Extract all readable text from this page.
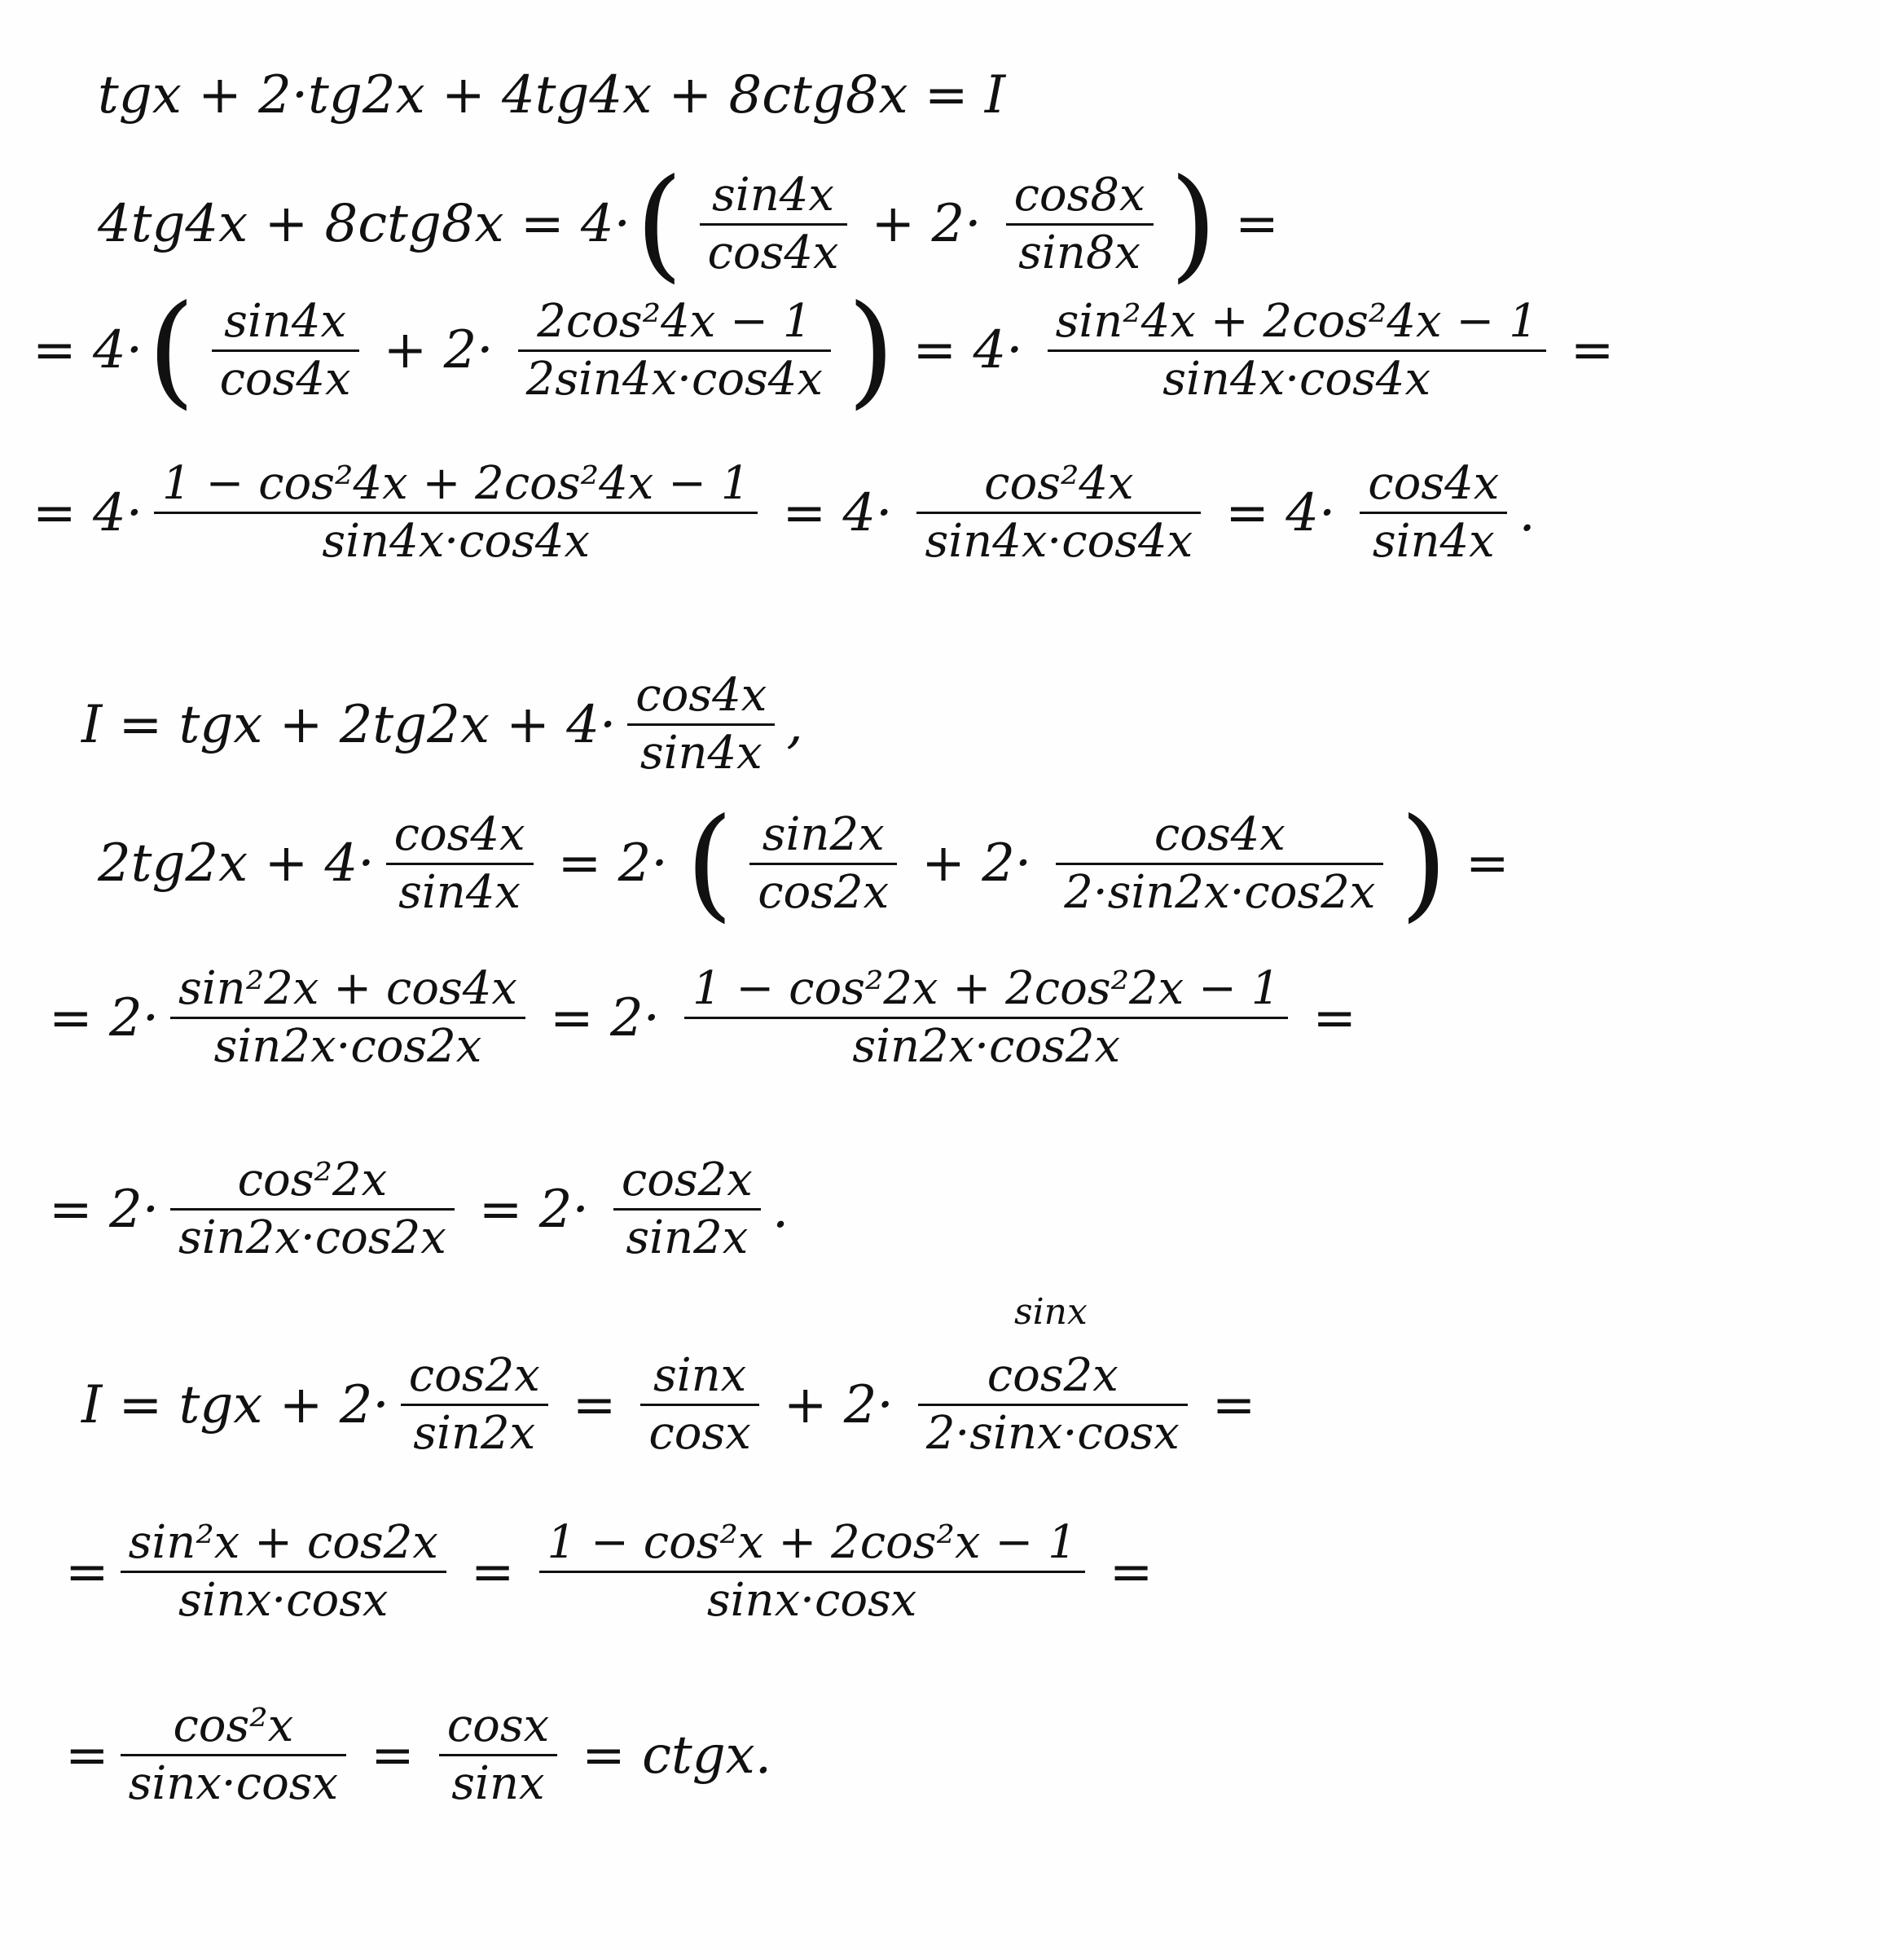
tgx + 2·tg2x + 4tg4x + 8ctg8x = I
4tg4x + 8ctg8x = 4· ( $\frac{\sin 4x}{\cos 4x} + 2\cdot \frac{\cos 8x}{\sin 8x}$ ) =
= 4· ( $\frac{\sin 4x}{\cos 4x} + 2\cdot \frac{\text{2cos²4x − 1}}{2\sin 4x\cdot\cos 4x}$ ) = $4\cdot \frac{\text{sin²4x + 2cos²4x − 1}}{\sin 4x\cdot\cos 4x}$ =
= $4\cdot \frac{\text{1 − cos²4x + 2cos²4x − 1}}{\sin 4x\cdot\cos 4x} = 4\cdot \frac{\text{cos²4x}}{\sin 4x\cdot\cos 4x} = 4\cdot \frac{\cos 4x}{\sin 4x}$ .
I = tgx + $2tg2x + 4\cdot \frac{\cos 4x}{\sin 4x}$ ,
$2tg2x + 4\cdot \frac{\cos 4x}{\sin 4x} = 2\cdot$ ( $\frac{\sin 2x}{\cos 2x} + 2\cdot \frac{\cos 4x}{2\cdot\sin 2x\cdot\cos 2x}$ ) =
= $2\cdot \frac{\text{sin²2x + cos4x}}{\sin 2x\cdot\cos 2x} = 2\cdot \frac{\text{1 − cos²2x + 2cos²2x − 1}}{\sin 2x\cdot\cos 2x}$ =
= $2\cdot \frac{\text{cos²2x}}{\sin 2x\cdot\cos 2x} = 2\cdot \frac{\cos 2x}{\sin 2x}$ .
sinx
I = tgx + $2\cdot \frac{\cos 2x}{\sin 2x} = \frac{\sin x}{\cos x} + 2\cdot \frac{\cos 2x}{2\cdot\sin x\cdot\cos x}$ =
= $\frac{\text{sin²x + cos2x}}{\sin x\cdot\cos x} = \frac{\text{1 − cos²x + 2cos²x − 1}}{\sin x\cdot\cos x}$ =
= $\frac{\text{cos²x}}{\sin x\cdot\cos x} = \frac{\cos x}{\sin x}$ = ctgx.
